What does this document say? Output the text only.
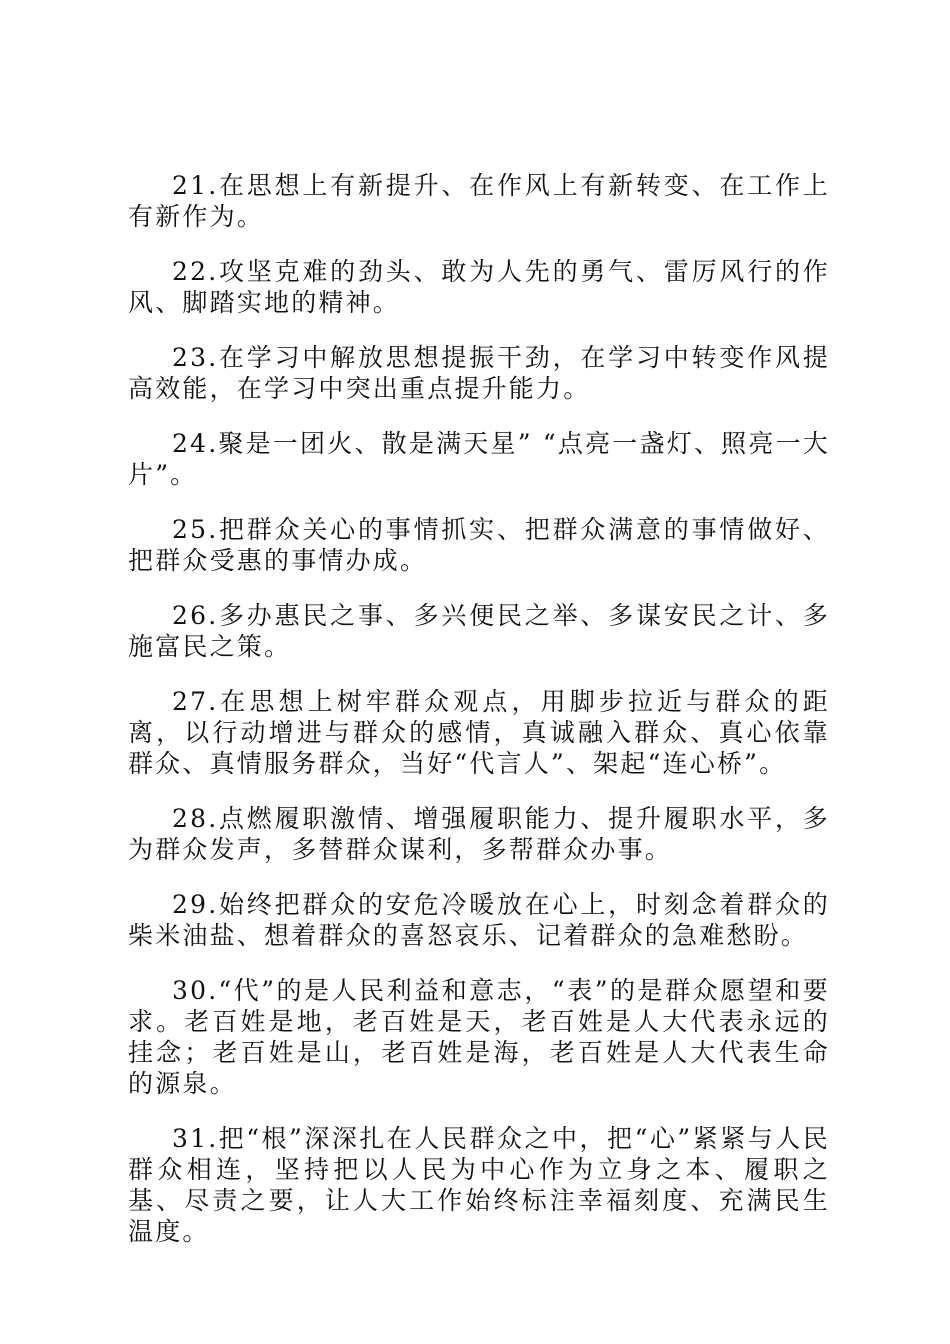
21.在思想上有新提升、在作风上有新转变、在工作上有新作为。

22.攻坚克难的劲头、敢为人先的勇气、雷厉风行的作风、脚踏实地的精神。

23.在学习中解放思想提振干劲，在学习中转变作风提高效能，在学习中突出重点提升能力。

24.聚是一团火、散是满天星” “点亮一盏灯、照亮一大片”。

25.把群众关心的事情抓实、把群众满意的事情做好、把群众受惠的事情办成。

26.多办惠民之事、多兴便民之举、多谋安民之计、多施富民之策。

27.在思想上树牢群众观点，用脚步拉近与群众的距离，以行动增进与群众的感情，真诚融入群众、真心依靠群众、真情服务群众，当好“代言人”、架起“连心桥”。

28.点燃履职激情、增强履职能力、提升履职水平，多为群众发声，多替群众谋利，多帮群众办事。

29.始终把群众的安危冷暖放在心上，时刻念着群众的柴米油盐、想着群众的喜怒哀乐、记着群众的急难愁盼。

30.“代”的是人民利益和意志，“表”的是群众愿望和要求。老百姓是地，老百姓是天，老百姓是人大代表永远的挂念；老百姓是山，老百姓是海，老百姓是人大代表生命的源泉。

31.把“根”深深扎在人民群众之中，把“心”紧紧与人民群众相连，坚持把以人民为中心作为立身之本、履职之基、尽责之要，让人大工作始终标注幸福刻度、充满民生温度。
